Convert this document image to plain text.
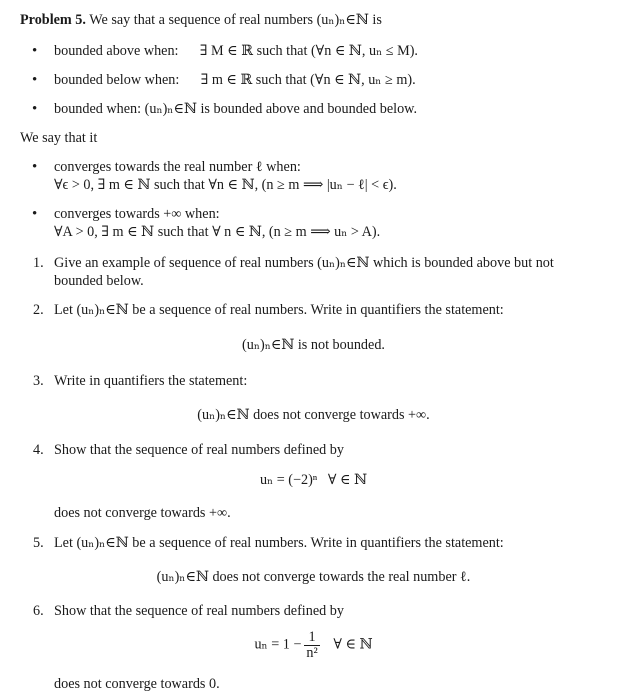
Problem 5. We say that a sequence of real numbers (uₙ)ₙ∈ℕ is
• bounded above when:      ∃ M ∈ ℝ such that (∀n ∈ ℕ, uₙ ≤ M).
• bounded below when:      ∃ m ∈ ℝ such that (∀n ∈ ℕ, uₙ ≥ m).
• bounded when: (uₙ)ₙ∈ℕ is bounded above and bounded below.
We say that it
• converges towards the real number ℓ when:
∀ϵ > 0, ∃ m ∈ ℕ such that ∀n ∈ ℕ, (n ≥ m ⟹ |uₙ − ℓ| < ϵ).
• converges towards +∞ when:
∀A > 0, ∃ m ∈ ℕ such that ∀ n ∈ ℕ, (n ≥ m ⟹ uₙ > A).
1. Give an example of sequence of real numbers (uₙ)ₙ∈ℕ which is bounded above but not
bounded below.
2. Let (uₙ)ₙ∈ℕ be a sequence of real numbers. Write in quantifiers the statement:
(uₙ)ₙ∈ℕ is not bounded.
3. Write in quantifiers the statement:
(uₙ)ₙ∈ℕ does not converge towards +∞.
4. Show that the sequence of real numbers defined by
uₙ = (−2)ⁿ   ∀ ∈ ℕ
does not converge towards +∞.
5. Let (uₙ)ₙ∈ℕ be a sequence of real numbers. Write in quantifiers the statement:
(uₙ)ₙ∈ℕ does not converge towards the real number ℓ.
6. Show that the sequence of real numbers defined by
$u_n = 1 - \frac{1}{\text{n²}}$ ∀ ∈ ℕ
does not converge towards 0.
